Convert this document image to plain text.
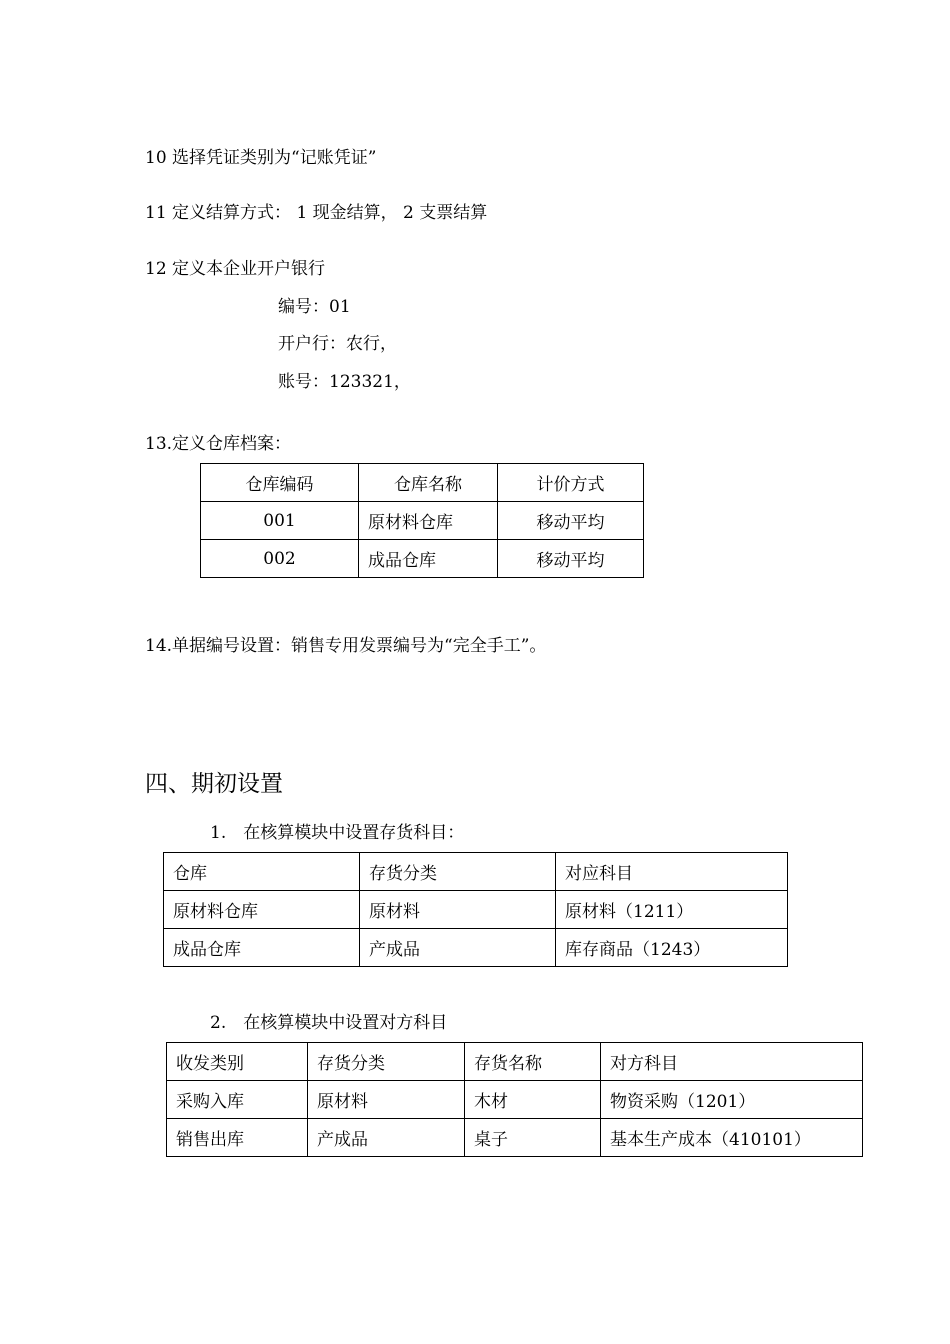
10 选择凭证类别为“记账凭证”
11 定义结算方式： 1 现金结算， 2 支票结算
12 定义本企业开户银行
编号：01
开户行：农行，
账号：123321，
13.定义仓库档案：
仓库编码	仓库名称	计价方式
001	原材料仓库	移动平均
002	成品仓库	移动平均
14.单据编号设置：销售专用发票编号为“完全手工”。
四、期初设置
1.　在核算模块中设置存货科目：
仓库	存货分类	对应科目
原材料仓库	原材料	原材料（1211）
成品仓库	产成品	库存商品（1243）
2.　在核算模块中设置对方科目
收发类别	存货分类	存货名称	对方科目
采购入库	原材料	木材	物资采购（1201）
销售出库	产成品	桌子	基本生产成本（410101）
